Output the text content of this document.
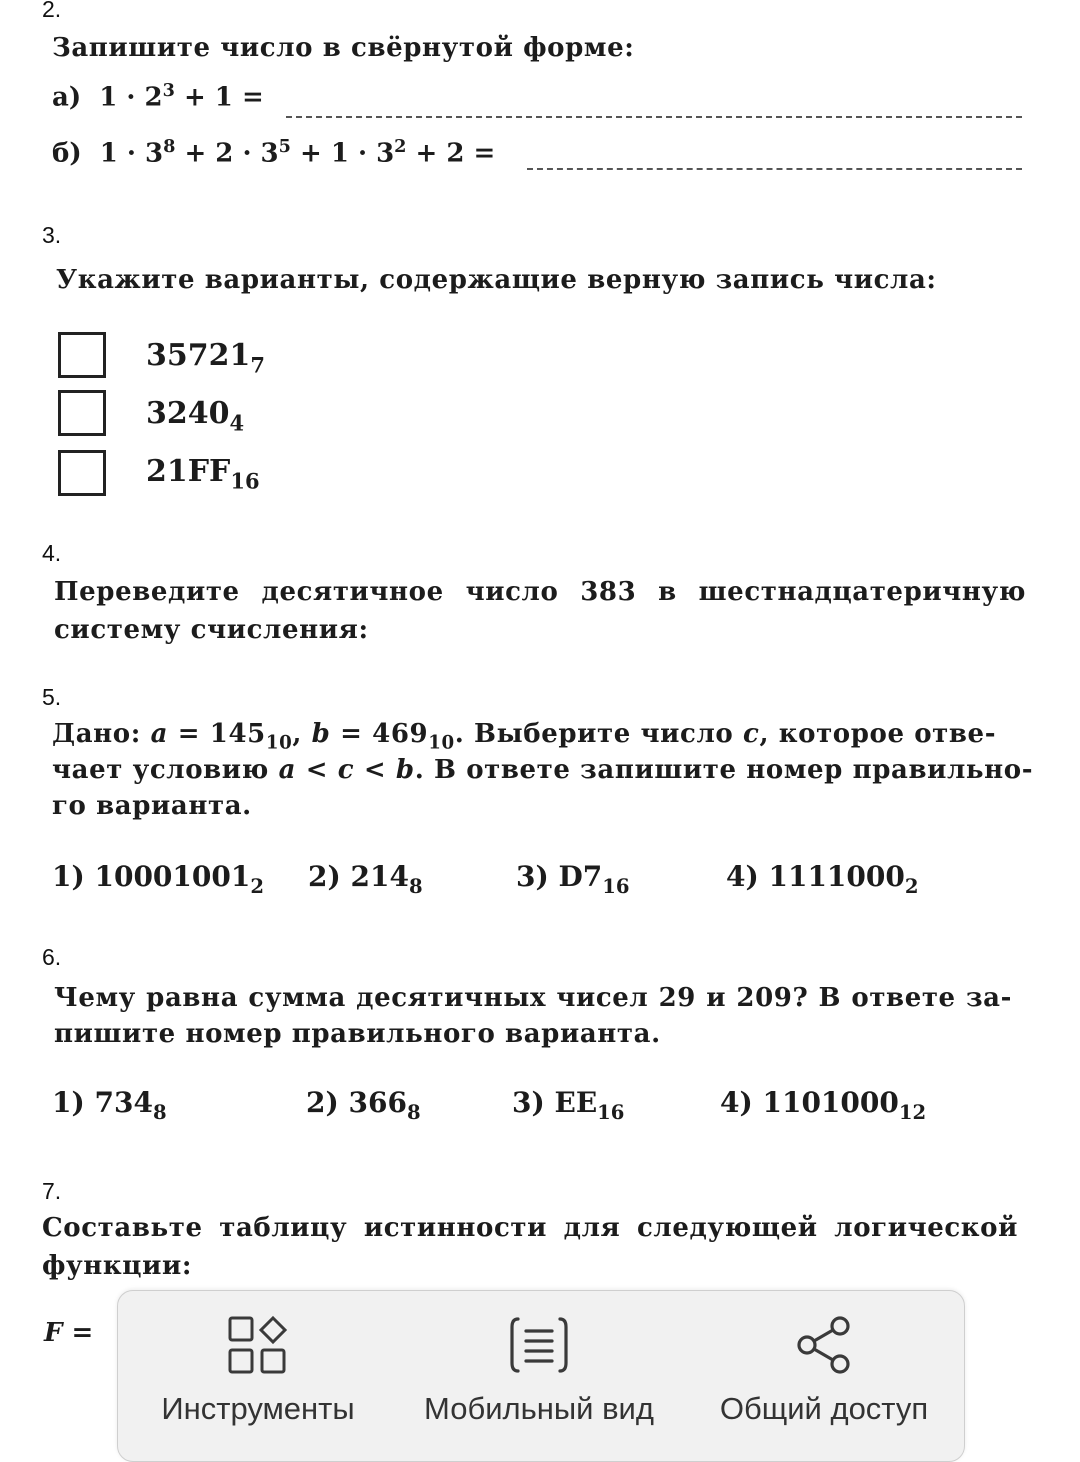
2.
Запишите число в свёрнутой форме:
а)  $1 \cdot 2^3 + 1$ =
б)  $1 \cdot 3^8 + 2 \cdot 3^5 + 1 \cdot 3^2 + 2$ =
3.
Укажите варианты, содержащие верную запись числа:
$35721_7$
$3240_4$
$21FF_{16}$
4.
Переведите десятичное число 383 в шестнадцатеричную
систему счисления:
5.
Дано: $a = 145_{10}$, $b = 469_{10}$. Выберите число c, которое отве-
чает условию a < c < b. В ответе запишите номер правильно-
го варианта.
1) $10001001_2$ 2) $214_8$	3) $D7_{16}$	4) $1111000_2$
6.
Чему равна сумма десятичных чисел 29 и 209? В ответе за-
пишите номер правильного варианта.
1) $734_8$	2) $366_8$	3) $EE_{16}$	4) $1101000_{12}$
7.
Составьте таблицу истинности для следующей логической
функции:
F =
Инструменты	Мобильный вид	Общий доступ
